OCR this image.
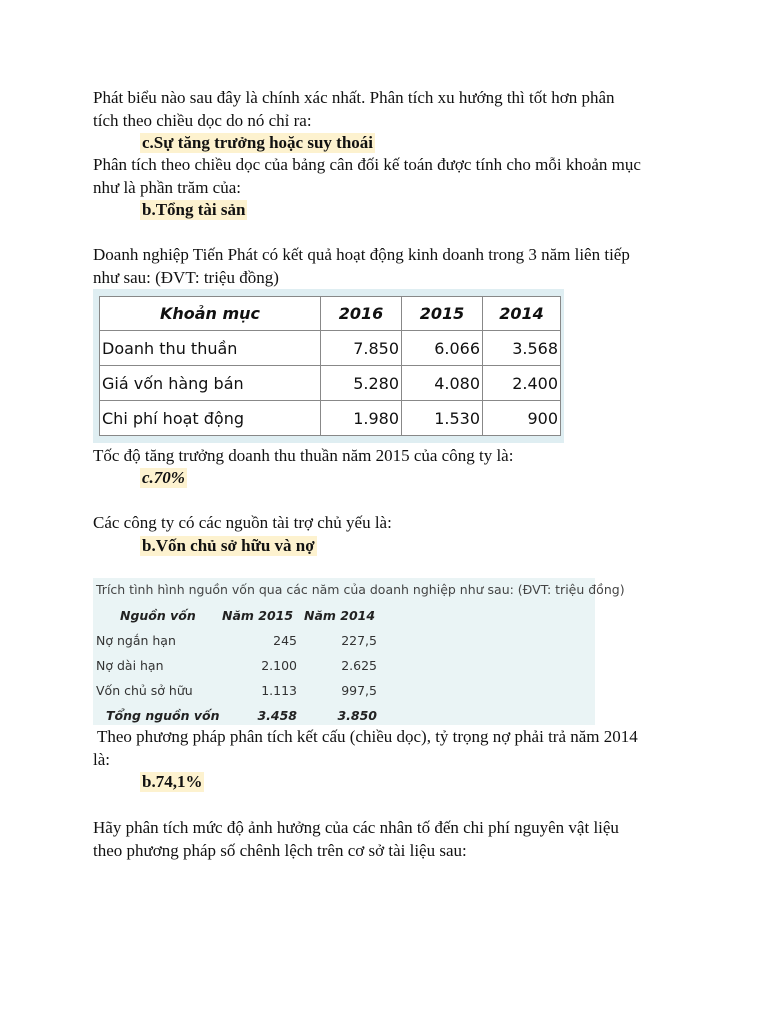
Phát biểu nào sau đây là chính xác nhất. Phân tích xu hướng thì tốt hơn phân
tích theo chiều dọc do nó chỉ ra:
c.Sự tăng trưởng hoặc suy thoái
Phân tích theo chiều dọc của bảng cân đối kế toán được tính cho mỗi khoản mục
như là phần trăm của:
b.Tổng tài sản
Doanh nghiệp Tiến Phát có kết quả hoạt động kinh doanh trong 3 năm liên tiếp
như sau: (ĐVT: triệu đồng)
Khoản mục	2016	2015	2014
Doanh thu thuần	7.850	6.066	3.568
Giá vốn hàng bán	5.280	4.080	2.400
Chi phí hoạt động	1.980	1.530	900
Tốc độ tăng trưởng doanh thu thuần năm 2015 của công ty là:
c.70%
Các công ty có các nguồn tài trợ chủ yếu là:
b.Vốn chủ sở hữu và nợ
Trích tình hình nguồn vốn qua các năm của doanh nghiệp như sau: (ĐVT: triệu đồng)
Nguồn vốn Năm 2015 Năm 2014
Nợ ngắn hạn	245	227,5
Nợ dài hạn	2.100	2.625
Vốn chủ sở hữu	1.113	997,5
Tổng nguồn vốn	3.458	3.850
Theo phương pháp phân tích kết cấu (chiều dọc), tỷ trọng nợ phải trả năm 2014
là:
b.74,1%
Hãy phân tích mức độ ảnh hưởng của các nhân tố đến chi phí nguyên vật liệu
theo phương pháp số chênh lệch trên cơ sở tài liệu sau:
